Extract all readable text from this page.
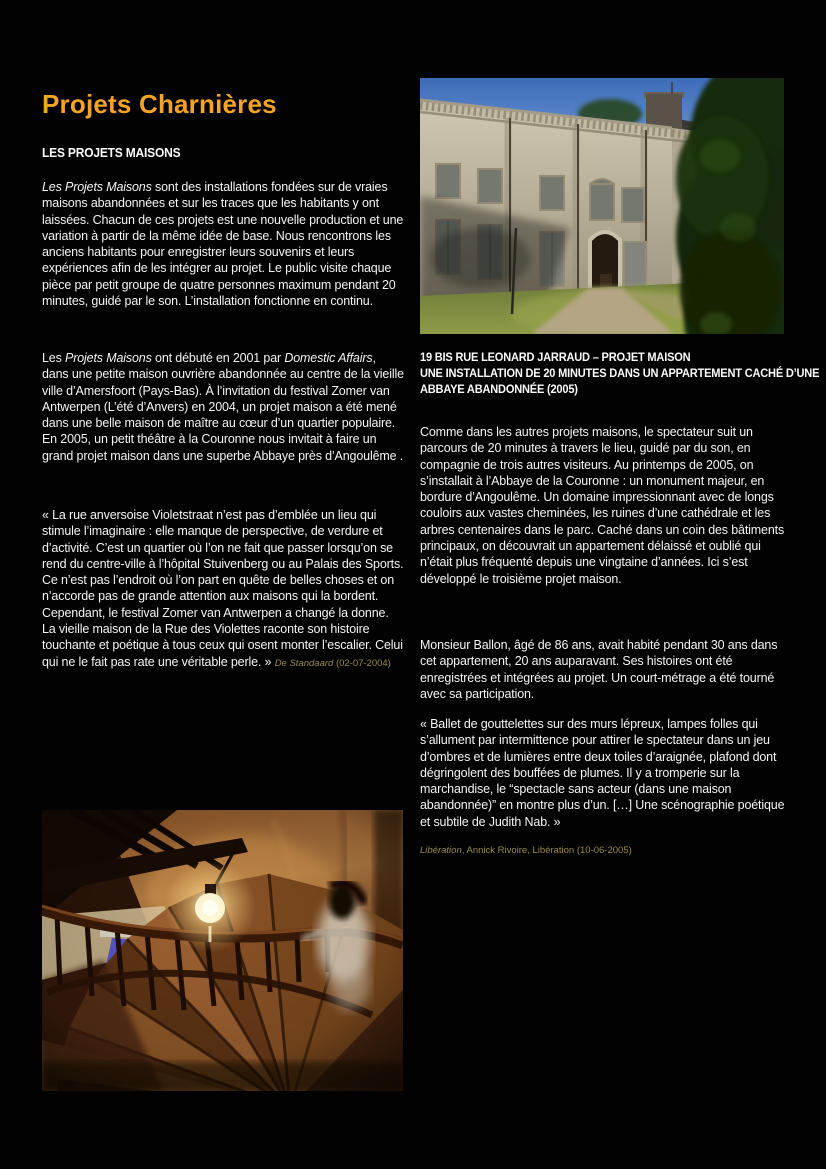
Projets Charnières
LES PROJETS MAISONS

Les Projets Maisons sont des installations fondées sur de vraies maisons abandonnées et sur les traces que les habitants y ont laissées. Chacun de ces projets est une nouvelle production et une variation à partir de la même idée de base. Nous rencontrons les anciens habitants pour enregistrer leurs souvenirs et leurs expériences afin de les intégrer au projet. Le public visite chaque pièce par petit groupe de quatre personnes maximum pendant 20 minutes, guidé par le son. L’installation fonctionne en continu.

Les Projets Maisons ont débuté en 2001 par Domestic Affairs, dans une petite maison ouvrière abandonnée au centre de la vieille ville d’Amersfoort (Pays-Bas). À l’invitation du festival Zomer van Antwerpen (L’été d’Anvers) en 2004, un projet maison a été mené dans une belle maison de maître au cœur d’un quartier populaire. En 2005, un petit théâtre à la Couronne nous invitait à faire un grand projet maison dans une superbe Abbaye près d’Angoulême .

« La rue anversoise Violetstraat n’est pas d’emblée un lieu qui stimule l’imaginaire : elle manque de perspective, de verdure et d’activité. C’est un quartier où l’on ne fait que passer lorsqu’on se rend du centre-ville à l’hôpital Stuivenberg ou au Palais des Sports. Ce n’est pas l’endroit où l’on part en quête de belles choses et on n’accorde pas de grande attention aux maisons qui la bordent. Cependant, le festival Zomer van Antwerpen a changé la donne. La vieille maison de la Rue des Violettes raconte son histoire touchante et poétique à tous ceux qui osent monter l’escalier. Celui qui ne le fait pas rate une véritable perle. » De Standaard (02-07-2004)

19 BIS RUE LEONARD JARRAUD – PROJET MAISON
UNE INSTALLATION DE 20 MINUTES DANS UN APPARTEMENT CACHÉ D’UNE
ABBAYE ABANDONNÉE (2005)

Comme dans les autres projets maisons, le spectateur suit un parcours de 20 minutes à travers le lieu, guidé par du son, en compagnie de trois autres visiteurs. Au printemps de 2005, on s’installait à l’Abbaye de la Couronne : un monument majeur, en bordure d’Angoulême. Un domaine impressionnant avec de longs couloirs aux vastes cheminées, les ruines d’une cathédrale et les arbres centenaires dans le parc. Caché dans un coin des bâtiments principaux, on découvrait un appartement délaissé et oublié qui n’était plus fréquenté depuis une vingtaine d’années. Ici s’est développé le troisième projet maison.

Monsieur Ballon, âgé de 86 ans, avait habité pendant 30 ans dans cet appartement, 20 ans auparavant. Ses histoires ont été enregistrées et intégrées au projet. Un court-métrage a été tourné avec sa participation.

« Ballet de gouttelettes sur des murs lépreux, lampes folles qui s’allument par intermittence pour attirer le spectateur dans un jeu d’ombres et de lumières entre deux toiles d’araignée, plafond dont dégringolent des bouffées de plumes. Il y a tromperie sur la marchandise, le “spectacle sans acteur (dans une maison abandonnée)” en montre plus d’un. […] Une scénographie poétique et subtile de Judith Nab. »

Libération, Annick Rivoire, Libération (10-06-2005)
